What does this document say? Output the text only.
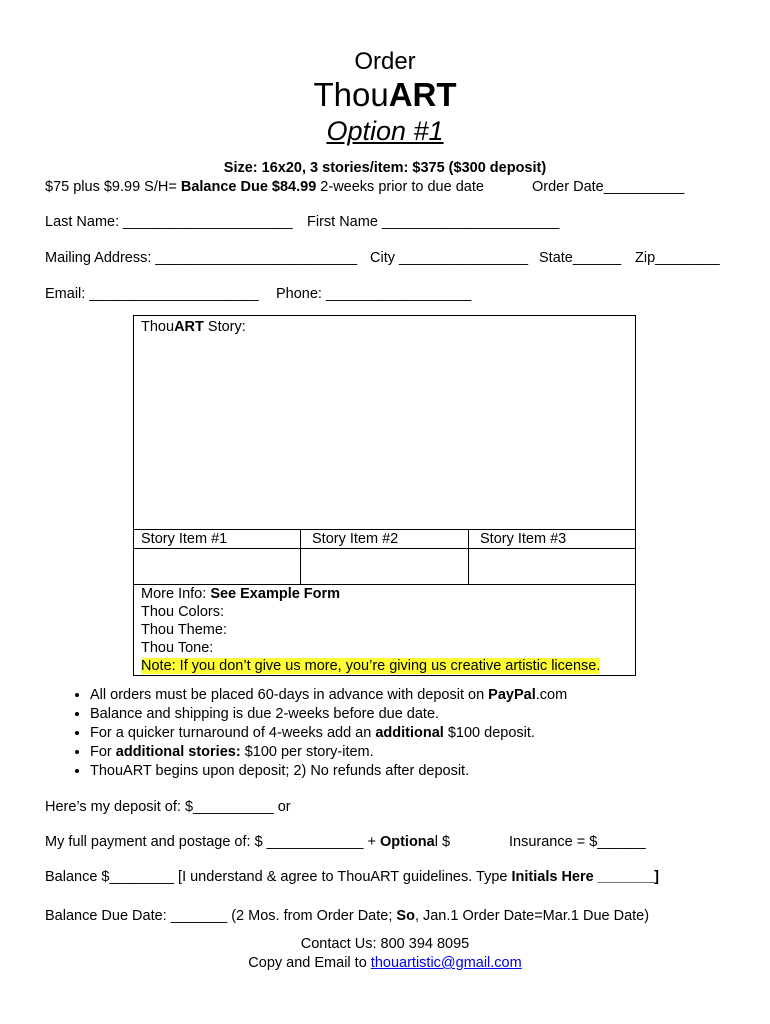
Order
ThouART
Option #1
Size: 16x20, 3 stories/item: $375 ($300 deposit)
$75 plus $9.99 S/H= Balance Due $84.99 2-weeks prior to due date	Order Date__________
Last Name: _____________________ First Name ______________________
Mailing Address: _________________________ City ________________ State______ Zip________
Email: _____________________ Phone: __________________
ThouART Story:
Story Item #1	Story Item #2	Story Item #3
More Info: See Example Form
Thou Colors:
Thou Theme:
Thou Tone:
Note: If you don’t give us more, you’re giving us creative artistic license.
• All orders must be placed 60-days in advance with deposit on PayPal.com
• Balance and shipping is due 2-weeks before due date.
• For a quicker turnaround of 4-weeks add an additional $100 deposit.
• For additional stories: $100 per story-item.
• ThouART begins upon deposit; 2) No refunds after deposit.
Here’s my deposit of: $__________ or
My full payment and postage of: $ ____________ + Optional $	Insurance = $______
Balance $________ [I understand & agree to ThouART guidelines. Type Initials Here _______]
Balance Due Date: _______ (2 Mos. from Order Date; So, Jan.1 Order Date=Mar.1 Due Date)
Contact Us: 800 394 8095
Copy and Email to thouartistic@gmail.com
